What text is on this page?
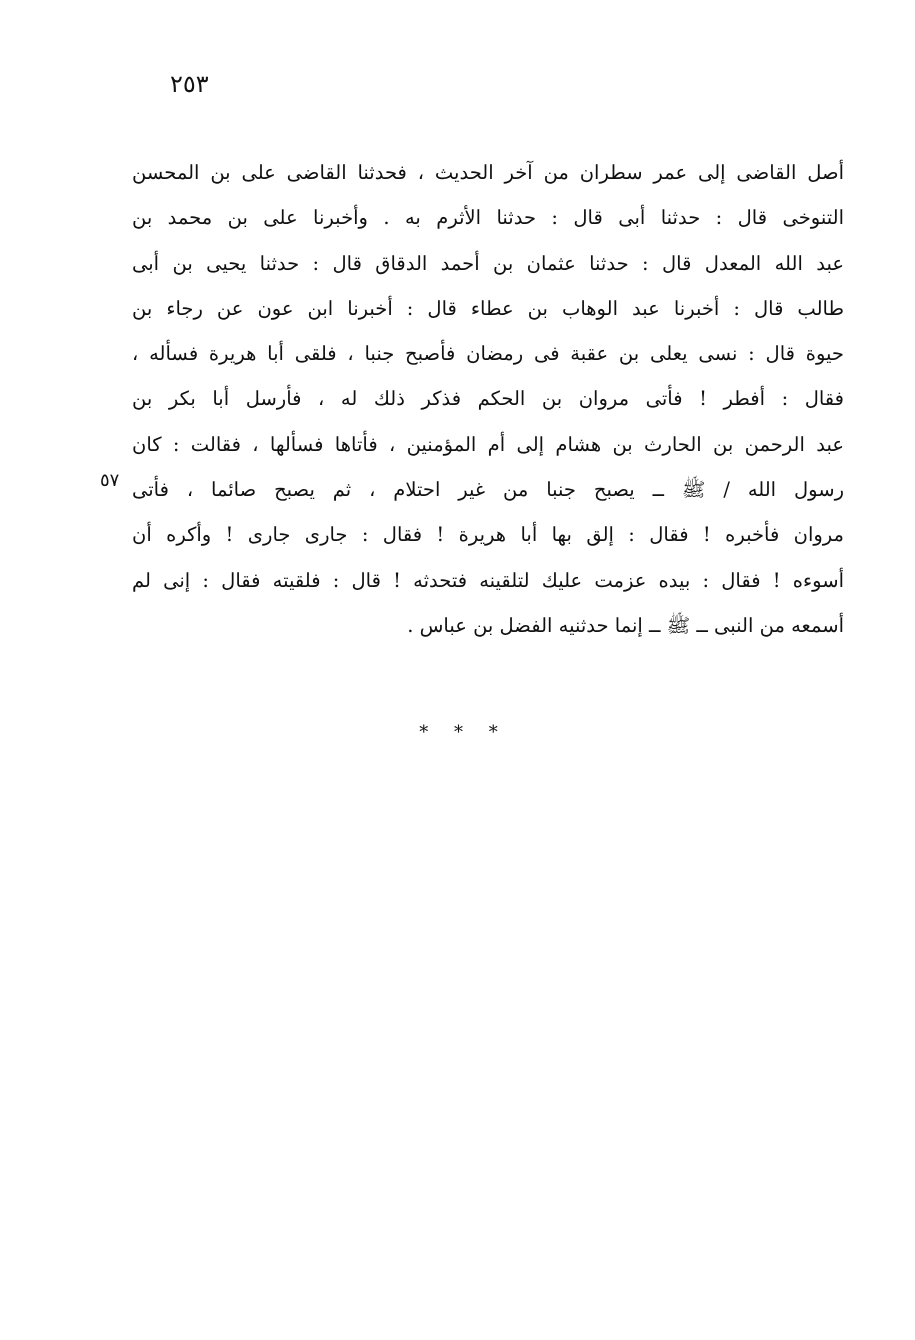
٢٥٣
أصل القاضى إلى عمر سطران من آخر الحديث ، فحدثنا القاضى على بن المحسن
التنوخى قال : حدثنا أبى قال : حدثنا الأثرم به . وأخبرنا على بن محمد بن
عبد الله المعدل قال : حدثنا عثمان بن أحمد الدقاق قال : حدثنا يحيى بن أبى
طالب قال : أخبرنا عبد الوهاب بن عطاء قال : أخبرنا ابن عون عن رجاء بن
حيوة قال : نسى يعلى بن عقبة فى رمضان فأصبح جنبا ، فلقى أبا هريرة فسأله ،
فقال : أفطر ! فأتى مروان بن الحكم فذكر ذلك له ، فأرسل أبا بكر بن
عبد الرحمن بن الحارث بن هشام إلى أم المؤمنين ، فأتاها فسألها ، فقالت : كان
رسول الله / ﷺ ــ يصبح جنبا من غير احتلام ، ثم يصبح صائما ، فأتى
مروان فأخبره ! فقال : إلق بها أبا هريرة ! فقال : جارى جارى ! وأكره أن
أسوءه ! فقال : بيده عزمت عليك لتلقينه فتحدثه ! قال : فلقيته فقال : إنى لم
أسمعه من النبى ــ ﷺ ــ إنما حدثنيه الفضل بن عباس .
٥٧
* * *
